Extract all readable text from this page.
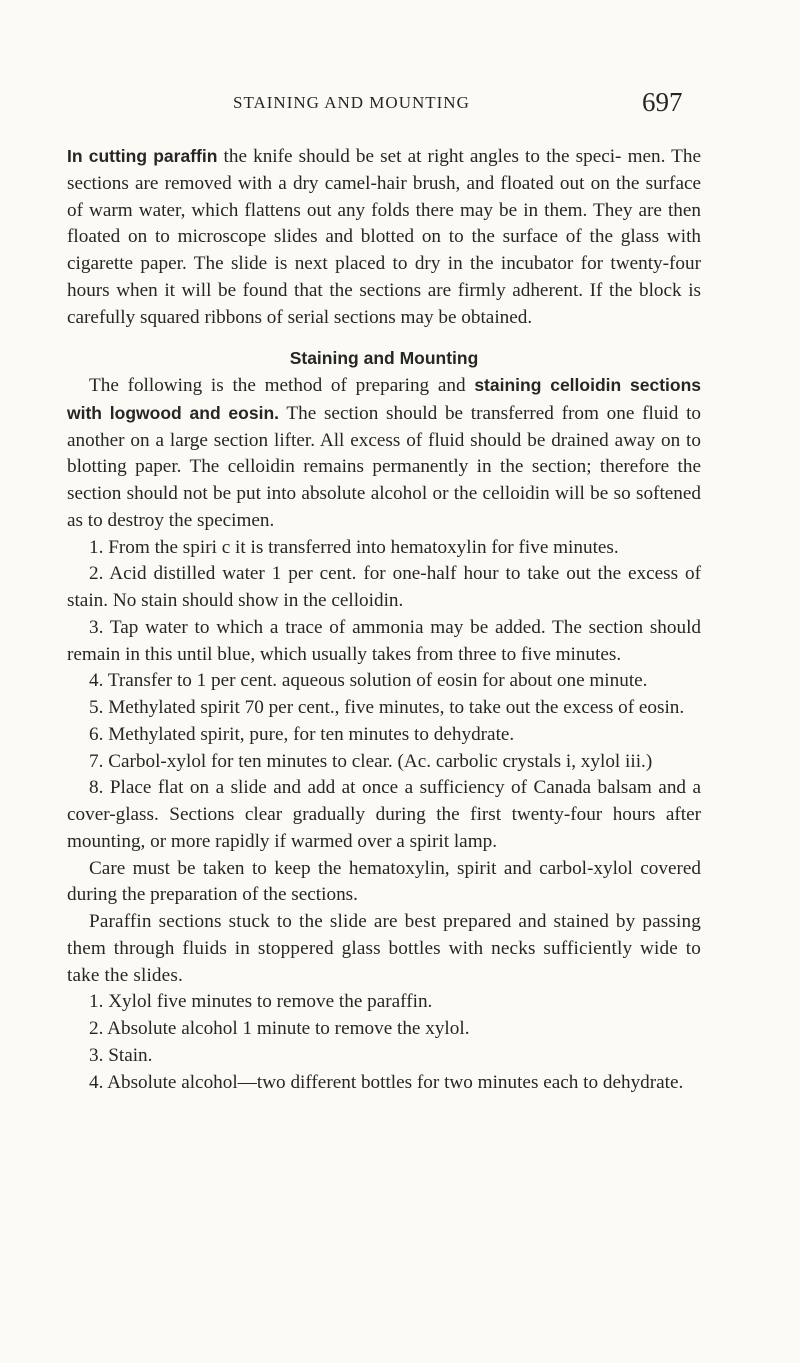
STAINING AND MOUNTING	697

In cutting paraffin the knife should be set at right angles to the speci- men. The sections are removed with a dry camel-hair brush, and floated out on the surface of warm water, which flattens out any folds there may be in them. They are then floated on to microscope slides and blotted on to the surface of the glass with cigarette paper. The slide is next placed to dry in the incubator for twenty-four hours when it will be found that the sections are firmly adherent. If the block is carefully squared ribbons of serial sections may be obtained.

Staining and Mounting

The following is the method of preparing and staining celloidin sections with logwood and eosin. The section should be transferred from one fluid to another on a large section lifter. All excess of fluid should be drained away on to blotting paper. The celloidin remains permanently in the section; therefore the section should not be put into absolute alcohol or the celloidin will be so softened as to destroy the specimen.

1. From the spiri c it is transferred into hematoxylin for five minutes.

2. Acid distilled water 1 per cent. for one-half hour to take out the excess of stain. No stain should show in the celloidin.

3. Tap water to which a trace of ammonia may be added. The section should remain in this until blue, which usually takes from three to five minutes.

4. Transfer to 1 per cent. aqueous solution of eosin for about one minute.

5. Methylated spirit 70 per cent., five minutes, to take out the excess of eosin.

6. Methylated spirit, pure, for ten minutes to dehydrate.

7. Carbol-xylol for ten minutes to clear. (Ac. carbolic crystals i, xylol iii.)

8. Place flat on a slide and add at once a sufficiency of Canada balsam and a cover-glass. Sections clear gradually during the first twenty-four hours after mounting, or more rapidly if warmed over a spirit lamp.

Care must be taken to keep the hematoxylin, spirit and carbol-xylol covered during the preparation of the sections.

Paraffin sections stuck to the slide are best prepared and stained by passing them through fluids in stoppered glass bottles with necks sufficiently wide to take the slides.

1. Xylol five minutes to remove the paraffin.

2. Absolute alcohol 1 minute to remove the xylol.

3. Stain.

4. Absolute alcohol—two different bottles for two minutes each to dehydrate.
